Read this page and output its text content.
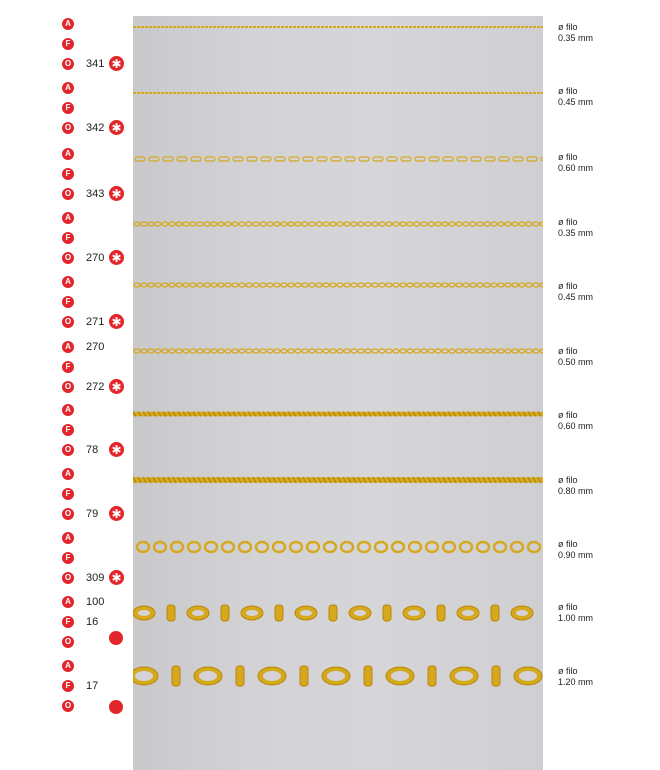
A
F
O 341 ✱
ø filo
0.35 mm
A
F
O 342 ✱
ø filo
0.45 mm
A
F
O 343 ✱
ø filo
0.60 mm
A
F
O 270 ✱
ø filo
0.35 mm
A
F
O 271 ✱
ø filo
0.45 mm
A 270
F
O 272 ✱
ø filo
0.50 mm
A
F
O 78 ✱
ø filo
0.60 mm
A
F
O 79 ✱
ø filo
0.80 mm
A
F
O 309 ✱
ø filo
0.90 mm
A 100
F	16
O
ø filo
1.00 mm
A
F	17
O
ø filo
1.20 mm
